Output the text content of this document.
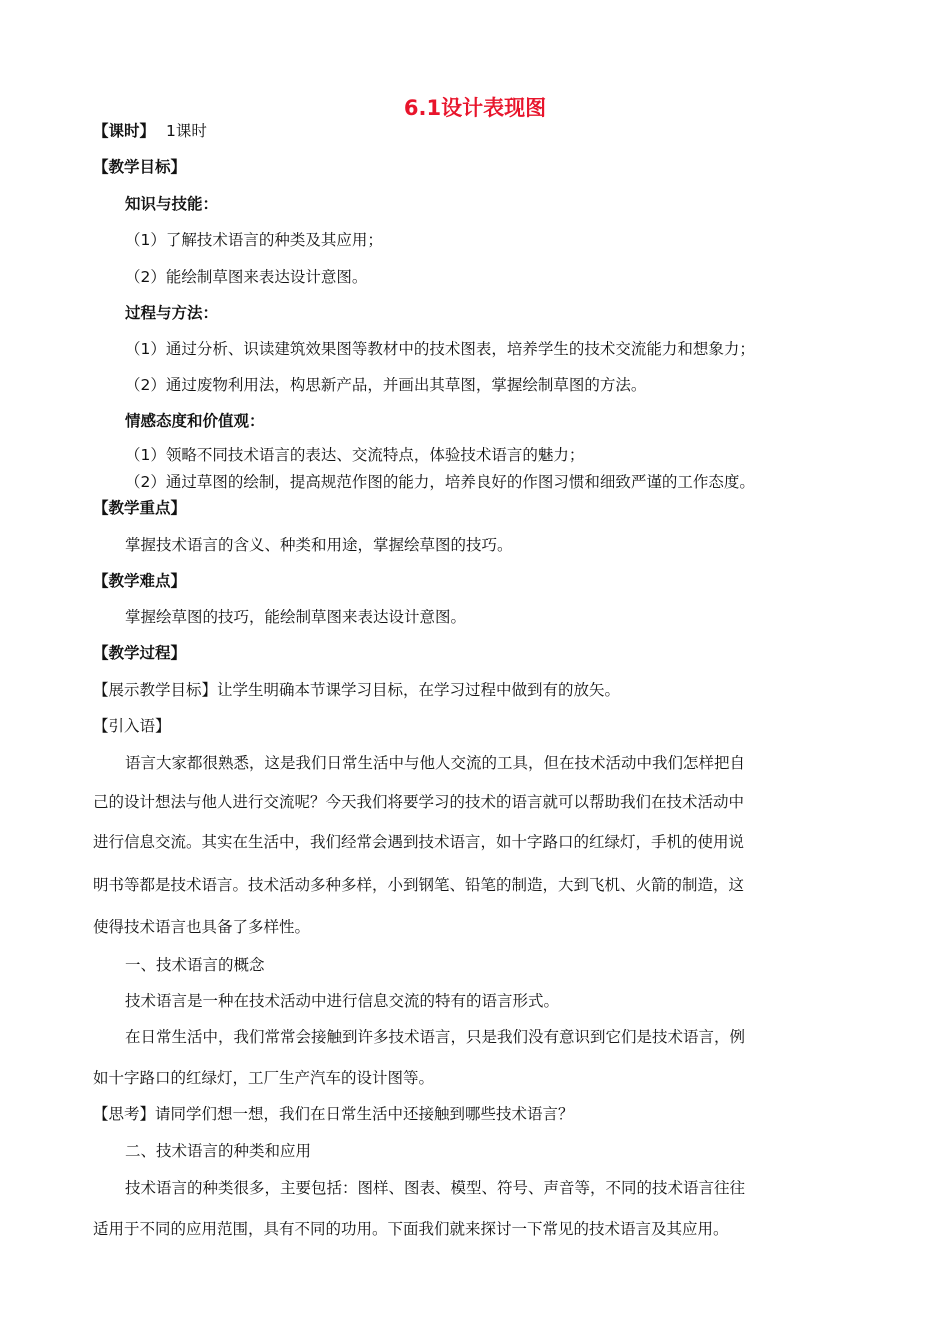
6.1设计表现图
【课时】 1课时
【教学目标】
知识与技能：
（1）了解技术语言的种类及其应用；
（2）能绘制草图来表达设计意图。
过程与方法：
（1）通过分析、识读建筑效果图等教材中的技术图表，培养学生的技术交流能力和想象力；
（2）通过废物利用法，构思新产品，并画出其草图，掌握绘制草图的方法。
情感态度和价值观：
（1）领略不同技术语言的表达、交流特点，体验技术语言的魅力；
（2）通过草图的绘制，提高规范作图的能力，培养良好的作图习惯和细致严谨的工作态度。
【教学重点】
掌握技术语言的含义、种类和用途，掌握绘草图的技巧。
【教学难点】
掌握绘草图的技巧，能绘制草图来表达设计意图。
【教学过程】
【展示教学目标】让学生明确本节课学习目标，在学习过程中做到有的放矢。
【引入语】
语言大家都很熟悉，这是我们日常生活中与他人交流的工具，但在技术活动中我们怎样把自
己的设计想法与他人进行交流呢？今天我们将要学习的技术的语言就可以帮助我们在技术活动中
进行信息交流。其实在生活中，我们经常会遇到技术语言，如十字路口的红绿灯，手机的使用说
明书等都是技术语言。技术活动多种多样，小到钢笔、铅笔的制造，大到飞机、火箭的制造，这
使得技术语言也具备了多样性。
一、技术语言的概念
技术语言是一种在技术活动中进行信息交流的特有的语言形式。
在日常生活中，我们常常会接触到许多技术语言，只是我们没有意识到它们是技术语言，例
如十字路口的红绿灯，工厂生产汽车的设计图等。
【思考】请同学们想一想，我们在日常生活中还接触到哪些技术语言？
二、技术语言的种类和应用
技术语言的种类很多，主要包括：图样、图表、模型、符号、声音等，不同的技术语言往往
适用于不同的应用范围，具有不同的功用。下面我们就来探讨一下常见的技术语言及其应用。
